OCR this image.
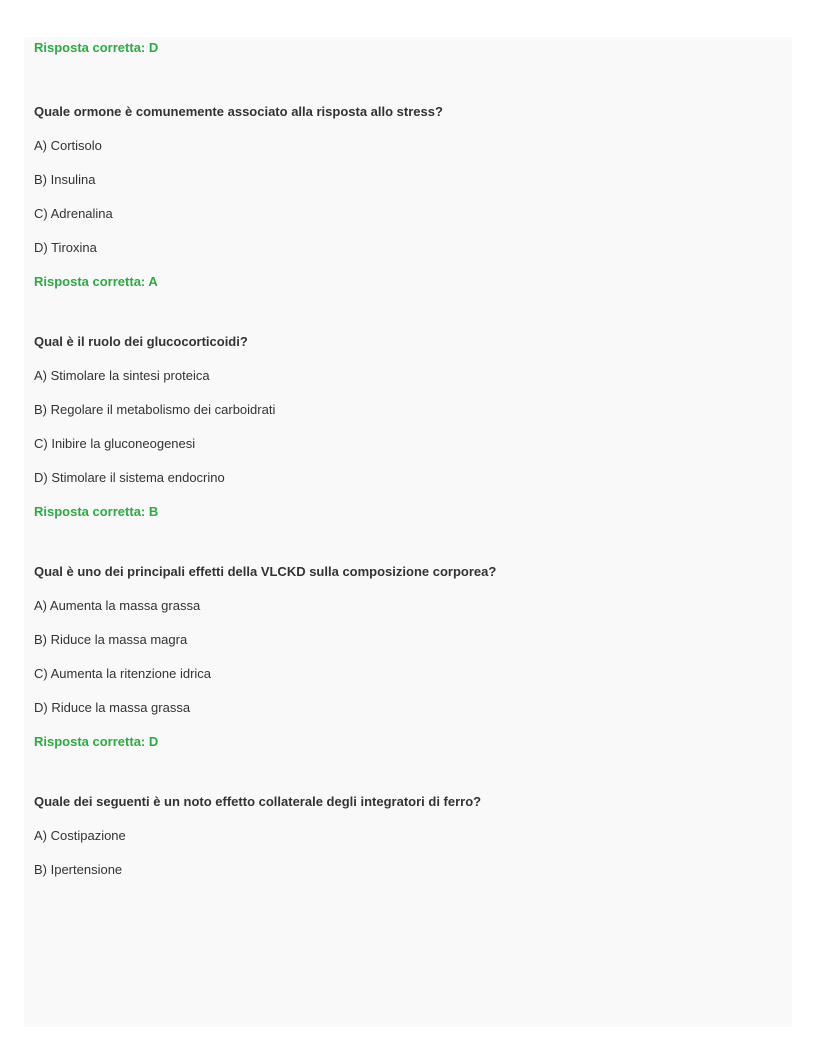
Risposta corretta: D
Quale ormone è comunemente associato alla risposta allo stress?
A) Cortisolo
B) Insulina
C) Adrenalina
D) Tiroxina
Risposta corretta: A
Qual è il ruolo dei glucocorticoidi?
A) Stimolare la sintesi proteica
B) Regolare il metabolismo dei carboidrati
C) Inibire la gluconeogenesi
D) Stimolare il sistema endocrino
Risposta corretta: B
Qual è uno dei principali effetti della VLCKD sulla composizione corporea?
A) Aumenta la massa grassa
B) Riduce la massa magra
C) Aumenta la ritenzione idrica
D) Riduce la massa grassa
Risposta corretta: D
Quale dei seguenti è un noto effetto collaterale degli integratori di ferro?
A) Costipazione
B) Ipertensione
